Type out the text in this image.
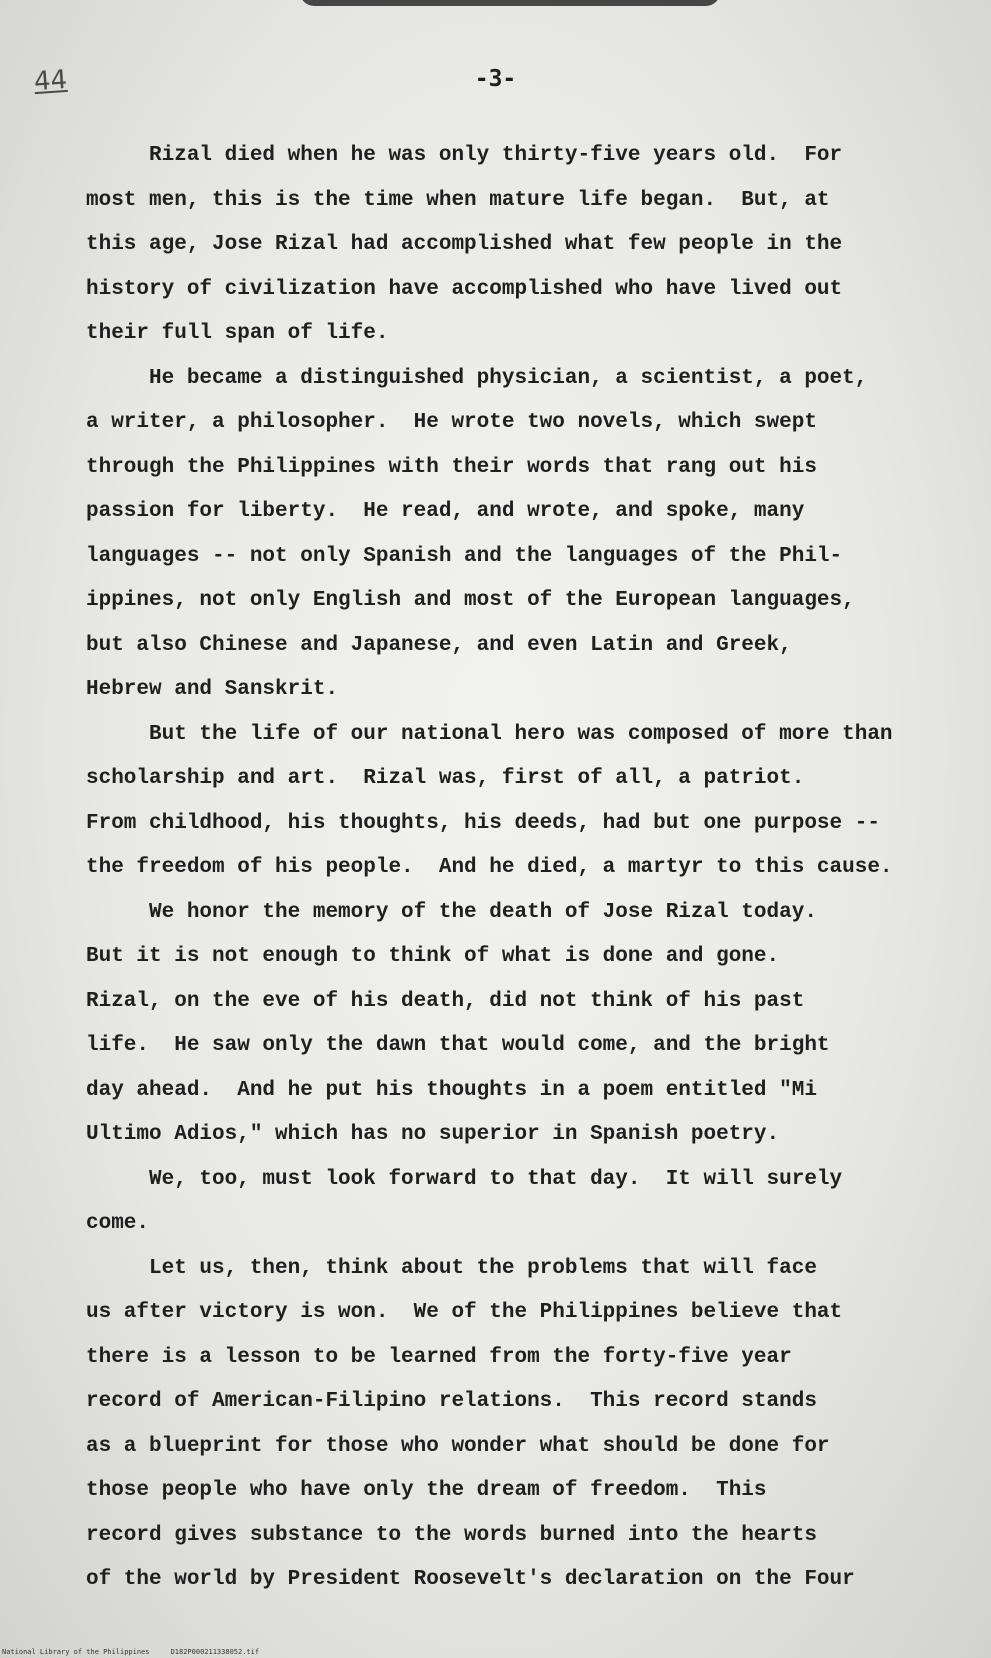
44	-3-
Rizal died when he was only thirty-five years old.  For
most men, this is the time when mature life began.  But, at
this age, Jose Rizal had accomplished what few people in the
history of civilization have accomplished who have lived out
their full span of life.
He became a distinguished physician, a scientist, a poet,
a writer, a philosopher.  He wrote two novels, which swept
through the Philippines with their words that rang out his
passion for liberty.  He read, and wrote, and spoke, many
languages -- not only Spanish and the languages of the Phil-
ippines, not only English and most of the European languages,
but also Chinese and Japanese, and even Latin and Greek,
Hebrew and Sanskrit.
But the life of our national hero was composed of more than
scholarship and art.  Rizal was, first of all, a patriot.
From childhood, his thoughts, his deeds, had but one purpose --
the freedom of his people.  And he died, a martyr to this cause.
We honor the memory of the death of Jose Rizal today.
But it is not enough to think of what is done and gone.
Rizal, on the eve of his death, did not think of his past
life.  He saw only the dawn that would come, and the bright
day ahead.  And he put his thoughts in a poem entitled "Mi
Ultimo Adios," which has no superior in Spanish poetry.
We, too, must look forward to that day.  It will surely
come.
Let us, then, think about the problems that will face
us after victory is won.  We of the Philippines believe that
there is a lesson to be learned from the forty-five year
record of American-Filipino relations.  This record stands
as a blueprint for those who wonder what should be done for
those people who have only the dream of freedom.  This
record gives substance to the words burned into the hearts
of the world by President Roosevelt's declaration on the Four
National Library of the Philippines     D182P000211338052.tif
